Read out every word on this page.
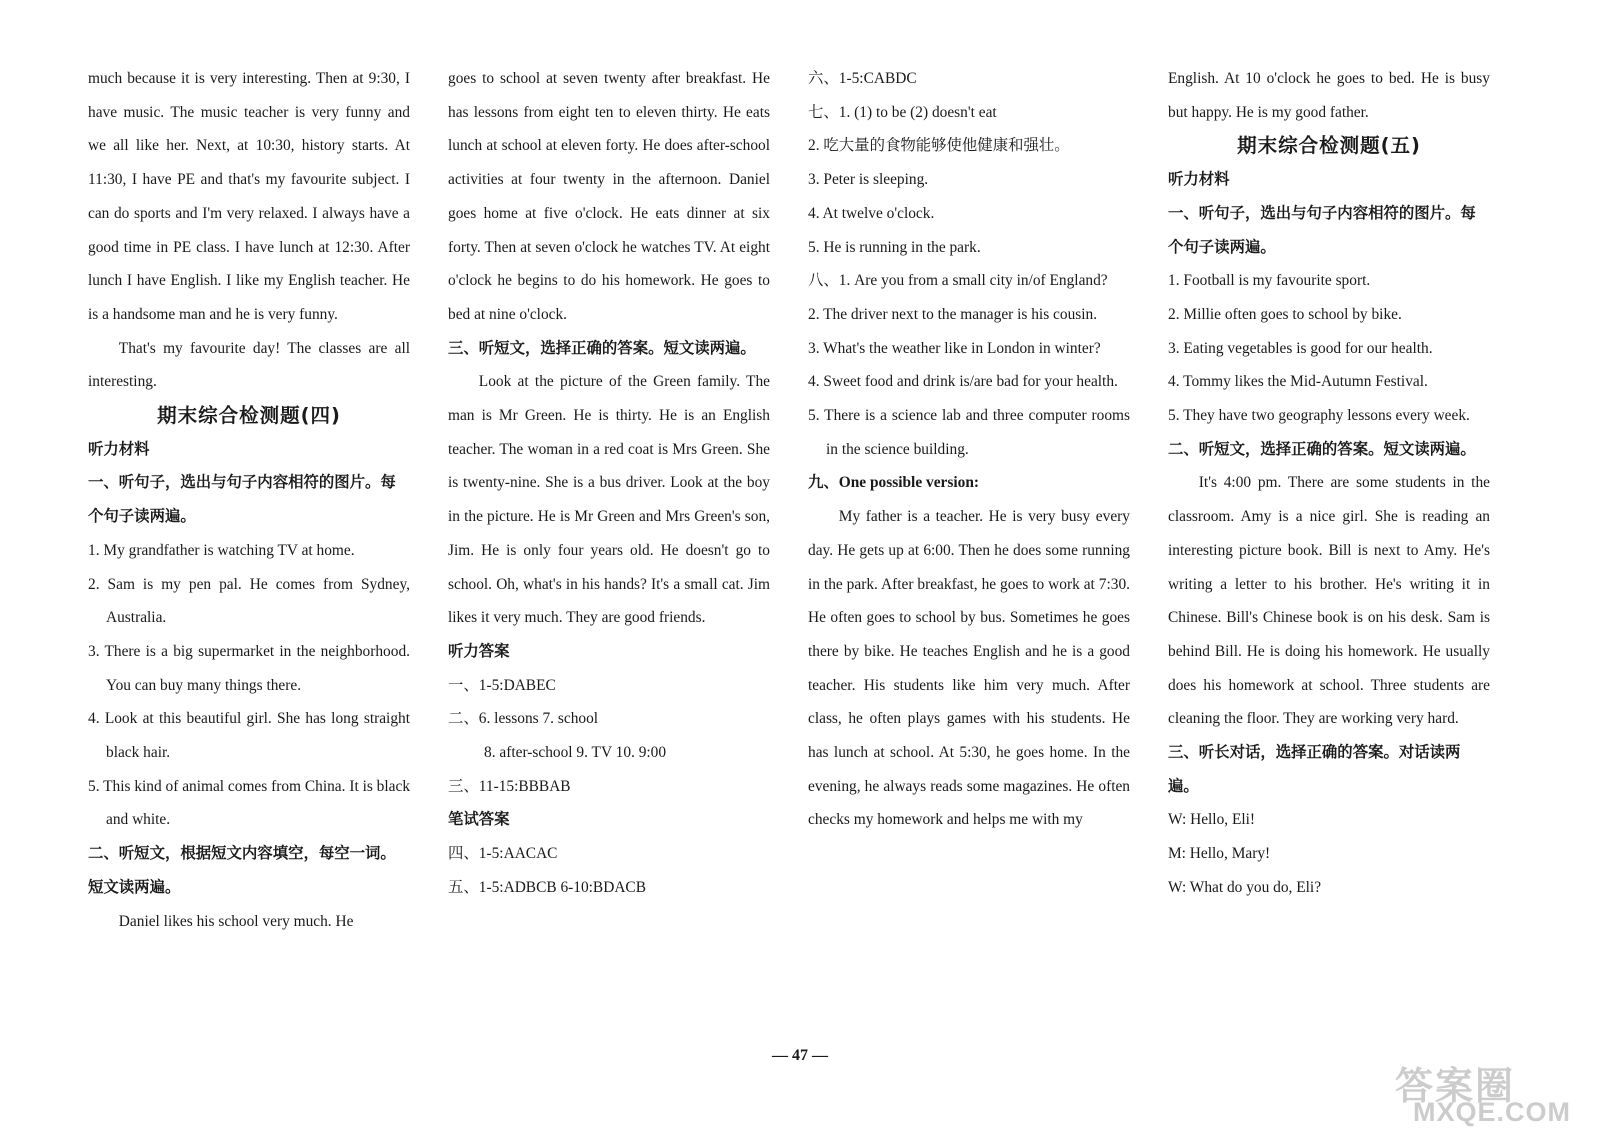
much because it is very interesting. Then at 9:30, I have music. The music teacher is very funny and we all like her. Next, at 10:30, history starts. At 11:30, I have PE and that's my favourite subject. I can do sports and I'm very relaxed. I always have a good time in PE class. I have lunch at 12:30. After lunch I have English. I like my English teacher. He is a handsome man and he is very funny.

That's my favourite day! The classes are all interesting.

期末综合检测题(四)

听力材料

一、听句子，选出与句子内容相符的图片。每个句子读两遍。

1. My grandfather is watching TV at home.

2. Sam is my pen pal. He comes from Sydney, Australia.

3. There is a big supermarket in the neighborhood. You can buy many things there.

4. Look at this beautiful girl. She has long straight black hair.

5. This kind of animal comes from China. It is black and white.

二、听短文，根据短文内容填空，每空一词。短文读两遍。

Daniel likes his school very much. He

goes to school at seven twenty after breakfast. He has lessons from eight ten to eleven thirty. He eats lunch at school at eleven forty. He does after-school activities at four twenty in the afternoon. Daniel goes home at five o'clock. He eats dinner at six forty. Then at seven o'clock he watches TV. At eight o'clock he begins to do his homework. He goes to bed at nine o'clock.

三、听短文，选择正确的答案。短文读两遍。

Look at the picture of the Green family. The man is Mr Green. He is thirty. He is an English teacher. The woman in a red coat is Mrs Green. She is twenty-nine. She is a bus driver. Look at the boy in the picture. He is Mr Green and Mrs Green's son, Jim. He is only four years old. He doesn't go to school. Oh, what's in his hands? It's a small cat. Jim likes it very much. They are good friends.

听力答案

一、1-5:DABEC

二、6. lessons 7. school

8. after-school 9. TV 10. 9:00

三、11-15:BBBAB

笔试答案

四、1-5:AACAC

五、1-5:ADBCB 6-10:BDACB

六、1-5:CABDC

七、1. (1) to be (2) doesn't eat

2. 吃大量的食物能够使他健康和强壮。

3. Peter is sleeping.

4. At twelve o'clock.

5. He is running in the park.

八、1. Are you from a small city in/of England?

2. The driver next to the manager is his cousin.

3. What's the weather like in London in winter?

4. Sweet food and drink is/are bad for your health.

5. There is a science lab and three computer rooms in the science building.

九、One possible version:

My father is a teacher. He is very busy every day. He gets up at 6:00. Then he does some running in the park. After breakfast, he goes to work at 7:30. He often goes to school by bus. Sometimes he goes there by bike. He teaches English and he is a good teacher. His students like him very much. After class, he often plays games with his students. He has lunch at school. At 5:30, he goes home. In the evening, he always reads some magazines. He often checks my homework and helps me with my

English. At 10 o'clock he goes to bed. He is busy but happy. He is my good father.

期末综合检测题(五)

听力材料

一、听句子，选出与句子内容相符的图片。每个句子读两遍。

1. Football is my favourite sport.

2. Millie often goes to school by bike.

3. Eating vegetables is good for our health.

4. Tommy likes the Mid-Autumn Festival.

5. They have two geography lessons every week.

二、听短文，选择正确的答案。短文读两遍。

It's 4:00 pm. There are some students in the classroom. Amy is a nice girl. She is reading an interesting picture book. Bill is next to Amy. He's writing a letter to his brother. He's writing it in Chinese. Bill's Chinese book is on his desk. Sam is behind Bill. He is doing his homework. He usually does his homework at school. Three students are cleaning the floor. They are working very hard.

三、听长对话，选择正确的答案。对话读两遍。

W: Hello, Eli!

M: Hello, Mary!

W: What do you do, Eli?

— 47 —
答案圈
MXQE.COM
